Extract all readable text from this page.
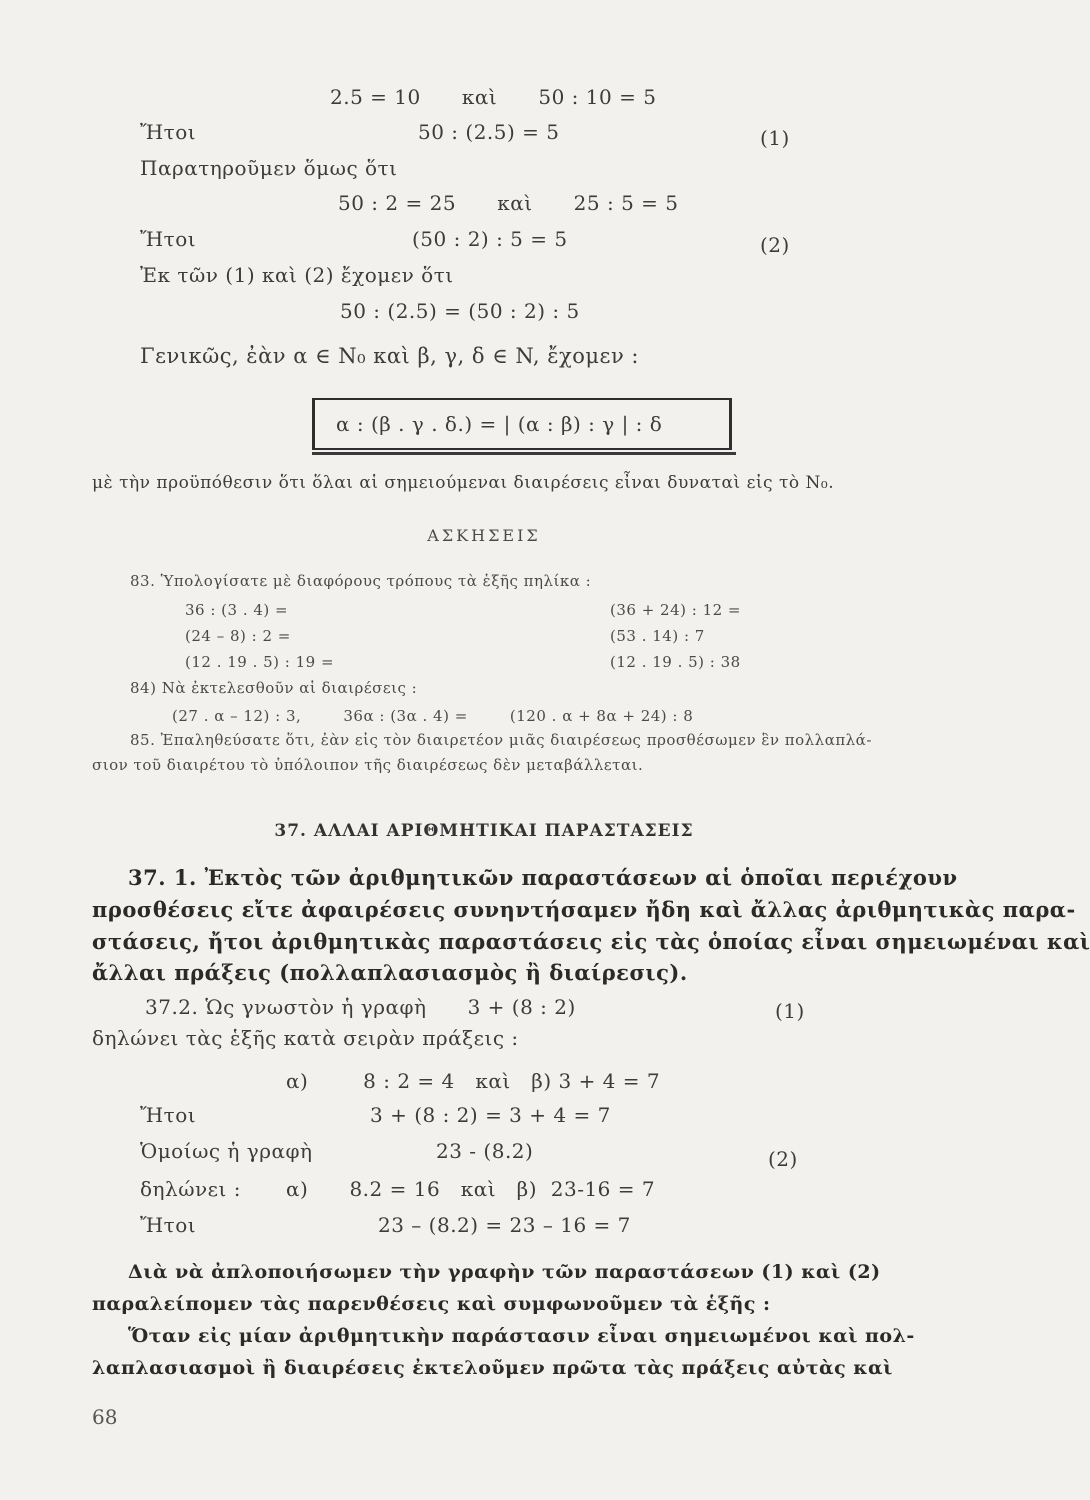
2.5 = 10      καὶ      50 : 10 = 5
Ἤτοι	50 : (2.5) = 5	(1)
Παρατηροῦμεν ὅμως ὅτι
50 : 2 = 25      καὶ      25 : 5 = 5
Ἤτοι	(50 : 2) : 5 = 5	(2)
Ἐκ τῶν (1) καὶ (2) ἔχομεν ὅτι
50 : (2.5) = (50 : 2) : 5
Γενικῶς, ἐὰν α ∈ N₀ καὶ β, γ, δ ∈ N, ἔχομεν :
α : (β . γ . δ.) = | (α : β) : γ | : δ
μὲ τὴν προϋπόθεσιν ὅτι ὅλαι αἱ σημειούμεναι διαιρέσεις εἶναι δυναταὶ εἰς τὸ N₀.
ΑΣΚΗΣΕΙΣ
83. Ὑπολογίσατε μὲ διαφόρους τρόπους τὰ ἑξῆς πηλίκα :
36 : (3 . 4) =	(36 + 24) : 12 =
(24 – 8) : 2 =	(53 . 14) : 7
(12 . 19 . 5) : 19 =	(12 . 19 . 5) : 38
84) Νὰ ἐκτελεσθοῦν αἱ διαιρέσεις :
(27 . α – 12) : 3,        36α : (3α . 4) =        (120 . α + 8α + 24) : 8
85. Ἐπαληθεύσατε ὅτι, ἐὰν εἰς τὸν διαιρετέον μιᾶς διαιρέσεως προσθέσωμεν ἓν πολλαπλά-
σιον τοῦ διαιρέτου τὸ ὑπόλοιπον τῆς διαιρέσεως δὲν μεταβάλλεται.
37. ΑΛΛΑΙ ΑΡΙΘΜΗΤΙΚΑΙ ΠΑΡΑΣΤΑΣΕΙΣ
37. 1. Ἐκτὸς τῶν ἀριθμητικῶν παραστάσεων αἱ ὁποῖαι περιέχουν
προσθέσεις εἴτε ἀφαιρέσεις συνηντήσαμεν ἤδη καὶ ἄλλας ἀριθμητικὰς παρα-
στάσεις, ἤτοι ἀριθμητικὰς παραστάσεις εἰς τὰς ὁποίας εἶναι σημειωμέναι καὶ
ἄλλαι πράξεις (πολλαπλασιασμὸς ἢ διαίρεσις).
37.2. Ὡς γνωστὸν ἡ γραφὴ      3 + (8 : 2)	(1)
δηλώνει τὰς ἑξῆς κατὰ σειρὰν πράξεις :
α)        8 : 2 = 4   καὶ   β) 3 + 4 = 7
Ἤτοι	3 + (8 : 2) = 3 + 4 = 7
Ὁμοίως ἡ γραφὴ	23 - (8.2)	(2)
δηλώνει : α)      8.2 = 16   καὶ   β)  23-16 = 7
Ἤτοι	23 – (8.2) = 23 – 16 = 7
Διὰ νὰ ἀπλοποιήσωμεν τὴν γραφὴν τῶν παραστάσεων (1) καὶ (2)
παραλείπομεν τὰς παρενθέσεις καὶ συμφωνοῦμεν τὰ ἑξῆς :
Ὅταν εἰς μίαν ἀριθμητικὴν παράστασιν εἶναι σημειωμένοι καὶ πολ-
λαπλασιασμοὶ ἢ διαιρέσεις ἐκτελοῦμεν πρῶτα τὰς πράξεις αὐτὰς καὶ
68
